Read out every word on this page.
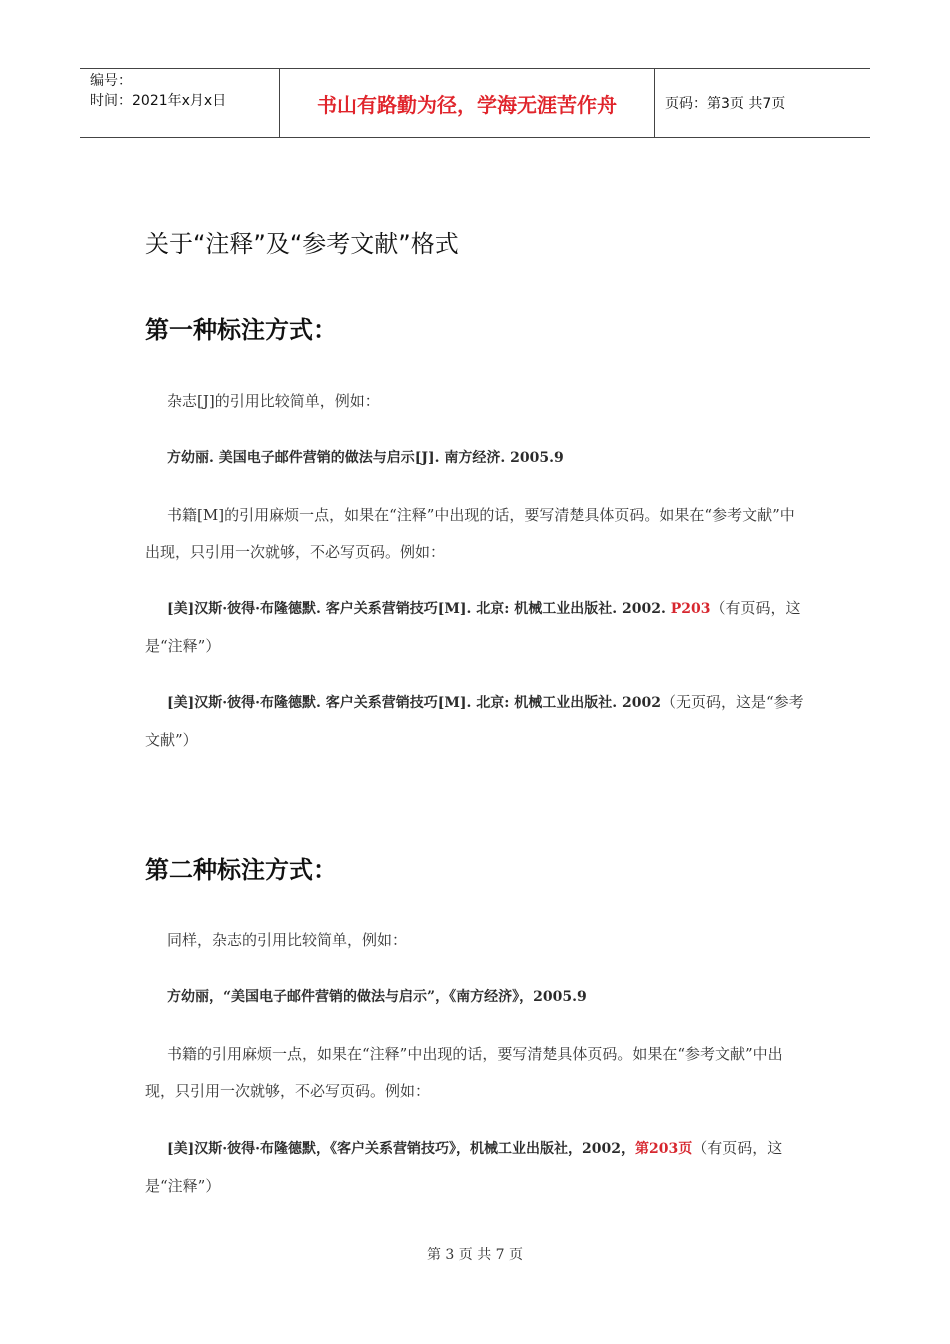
编号：
时间：2021年x月x日	书山有路勤为径，学海无涯苦作舟	页码：第3页 共7页
关于“注释”及“参考文献”格式
第一种标注方式：

杂志[J]的引用比较简单，例如：

方幼丽. 美国电子邮件营销的做法与启示[J]. 南方经济. 2005.9

书籍[M]的引用麻烦一点，如果在“注释”中出现的话，要写清楚具体页码。如果在“参考文献”中出现，只引用一次就够，不必写页码。例如：

[美]汉斯·彼得·布隆德默. 客户关系营销技巧[M]. 北京: 机械工业出版社. 2002. P203（有页码，这是“注释”）

[美]汉斯·彼得·布隆德默. 客户关系营销技巧[M]. 北京: 机械工业出版社. 2002（无页码，这是“参考文献”）

第二种标注方式：

同样，杂志的引用比较简单，例如：

方幼丽，“美国电子邮件营销的做法与启示”，《南方经济》，2005.9

书籍的引用麻烦一点，如果在“注释”中出现的话，要写清楚具体页码。如果在“参考文献”中出现，只引用一次就够，不必写页码。例如：

[美]汉斯·彼得·布隆德默，《客户关系营销技巧》，机械工业出版社，2002，第203页（有页码，这是“注释”）

第 3 页 共 7 页
